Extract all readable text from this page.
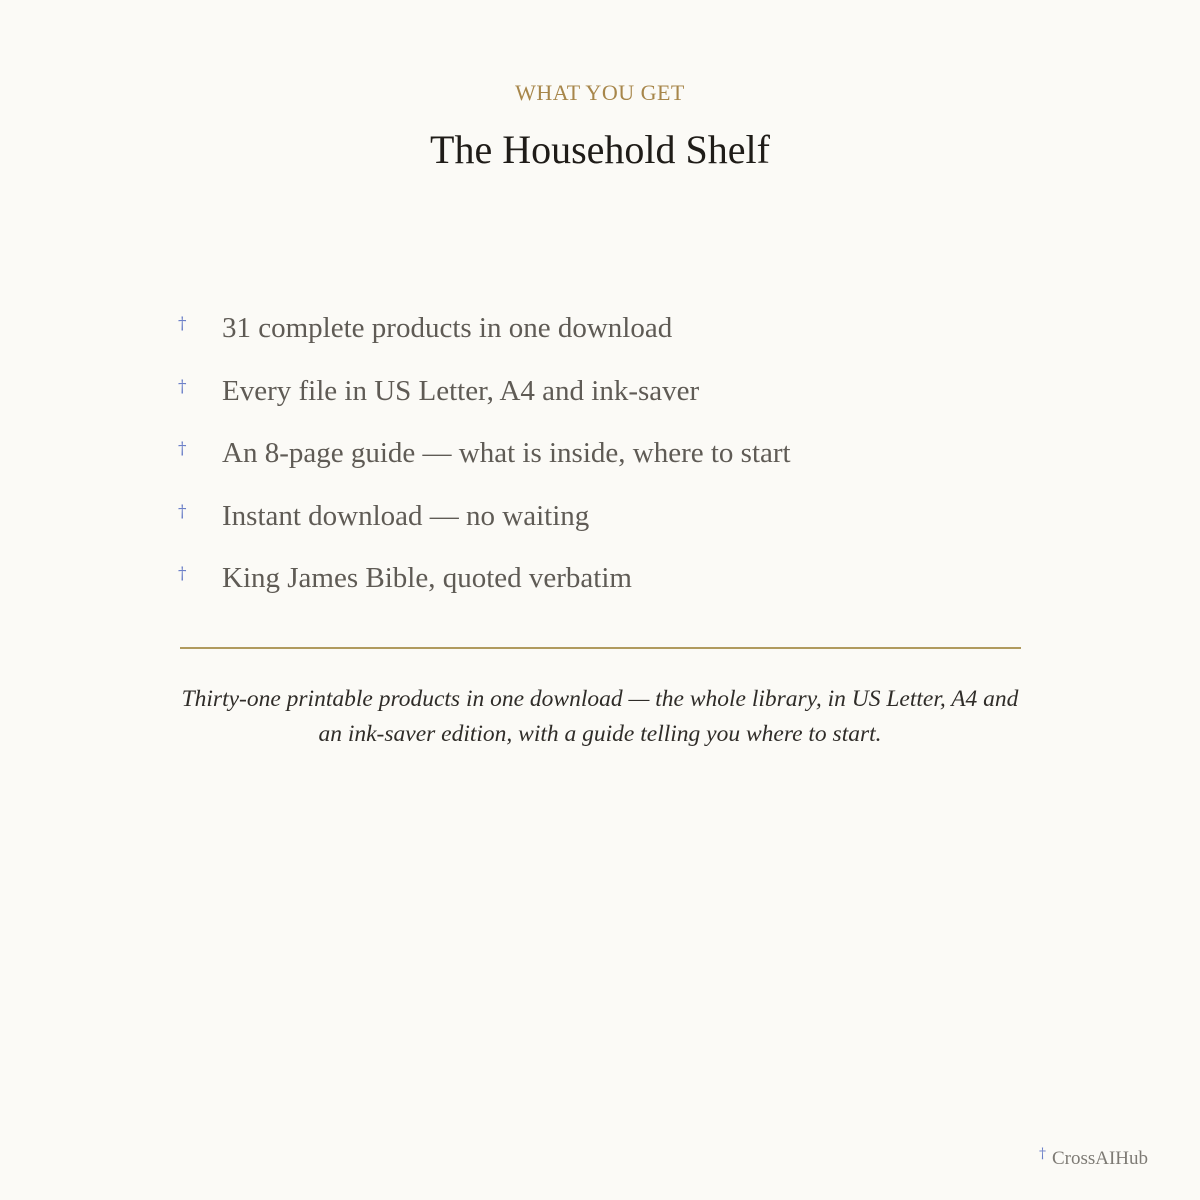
WHAT YOU GET
The Household Shelf
† 31 complete products in one download
† Every file in US Letter, A4 and ink-saver
† An 8-page guide — what is inside, where to start
† Instant download — no waiting
† King James Bible, quoted verbatim
Thirty-one printable products in one download — the whole library, in US Letter, A4 and an ink-saver edition, with a guide telling you where to start.
† CrossAIHub
